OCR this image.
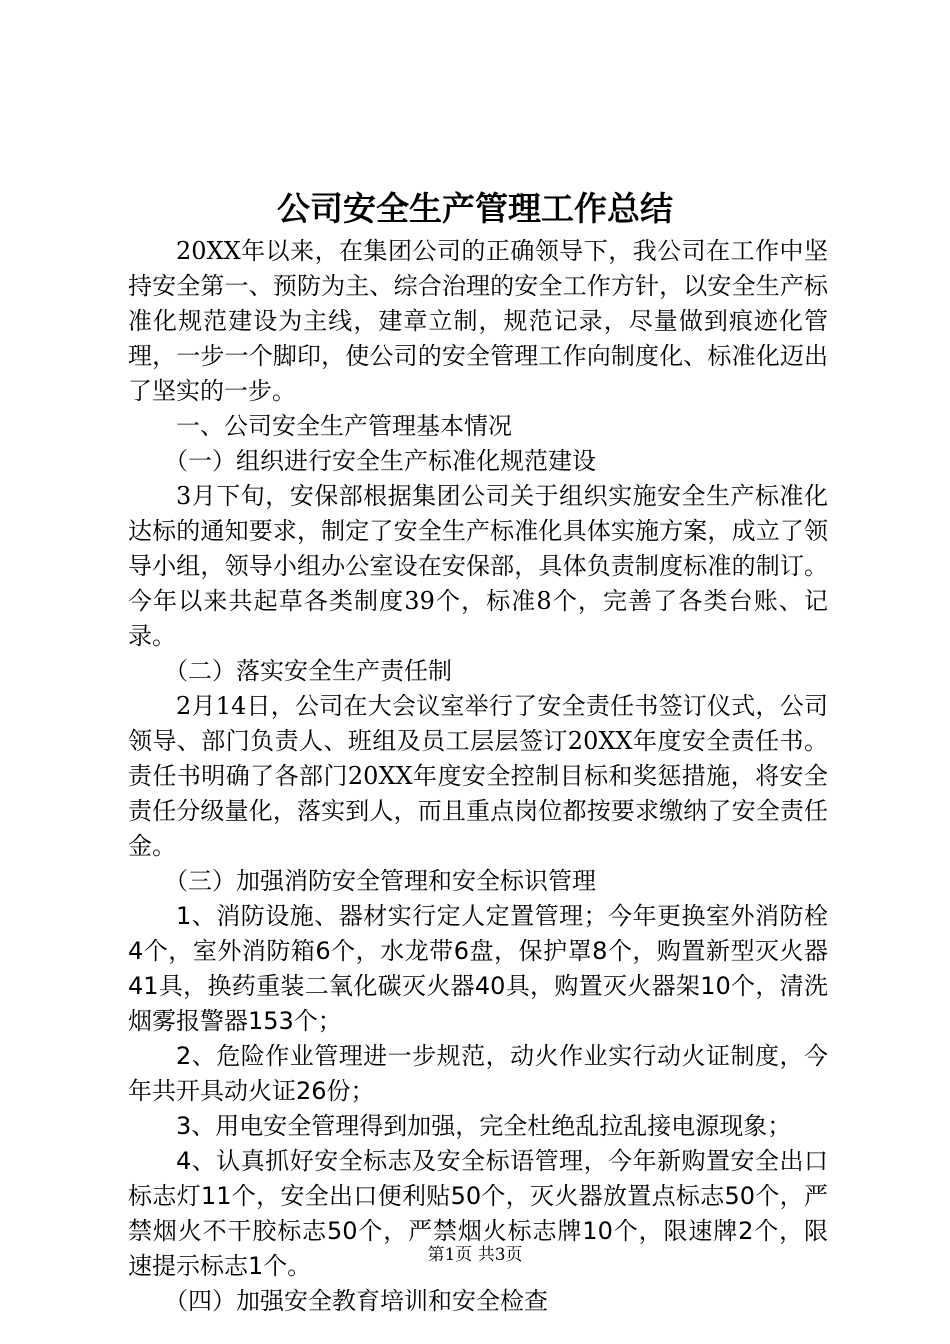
公司安全生产管理工作总结

20XX年以来，在集团公司的正确领导下，我公司在工作中坚持安全第一、预防为主、综合治理的安全工作方针，以安全生产标准化规范建设为主线，建章立制，规范记录，尽量做到痕迹化管理，一步一个脚印，使公司的安全管理工作向制度化、标准化迈出了坚实的一步。

一、公司安全生产管理基本情况

（一）组织进行安全生产标准化规范建设

3月下旬，安保部根据集团公司关于组织实施安全生产标准化达标的通知要求，制定了安全生产标准化具体实施方案，成立了领导小组，领导小组办公室设在安保部，具体负责制度标准的制订。今年以来共起草各类制度39个，标准8个，完善了各类台账、记录。

（二）落实安全生产责任制

2月14日，公司在大会议室举行了安全责任书签订仪式，公司领导、部门负责人、班组及员工层层签订20XX年度安全责任书。责任书明确了各部门20XX年度安全控制目标和奖惩措施，将安全责任分级量化，落实到人，而且重点岗位都按要求缴纳了安全责任金。

（三）加强消防安全管理和安全标识管理

1、消防设施、器材实行定人定置管理；今年更换室外消防栓4个，室外消防箱6个，水龙带6盘，保护罩8个，购置新型灭火器41具，换药重装二氧化碳灭火器40具，购置灭火器架10个，清洗烟雾报警器153个；

2、危险作业管理进一步规范，动火作业实行动火证制度，今年共开具动火证26份；

3、用电安全管理得到加强，完全杜绝乱拉乱接电源现象；

4、认真抓好安全标志及安全标语管理，今年新购置安全出口标志灯11个，安全出口便利贴50个，灭火器放置点标志50个，严禁烟火不干胶标志50个，严禁烟火标志牌10个，限速牌2个，限速提示标志1个。

（四）加强安全教育培训和安全检查

第1页 共3页
